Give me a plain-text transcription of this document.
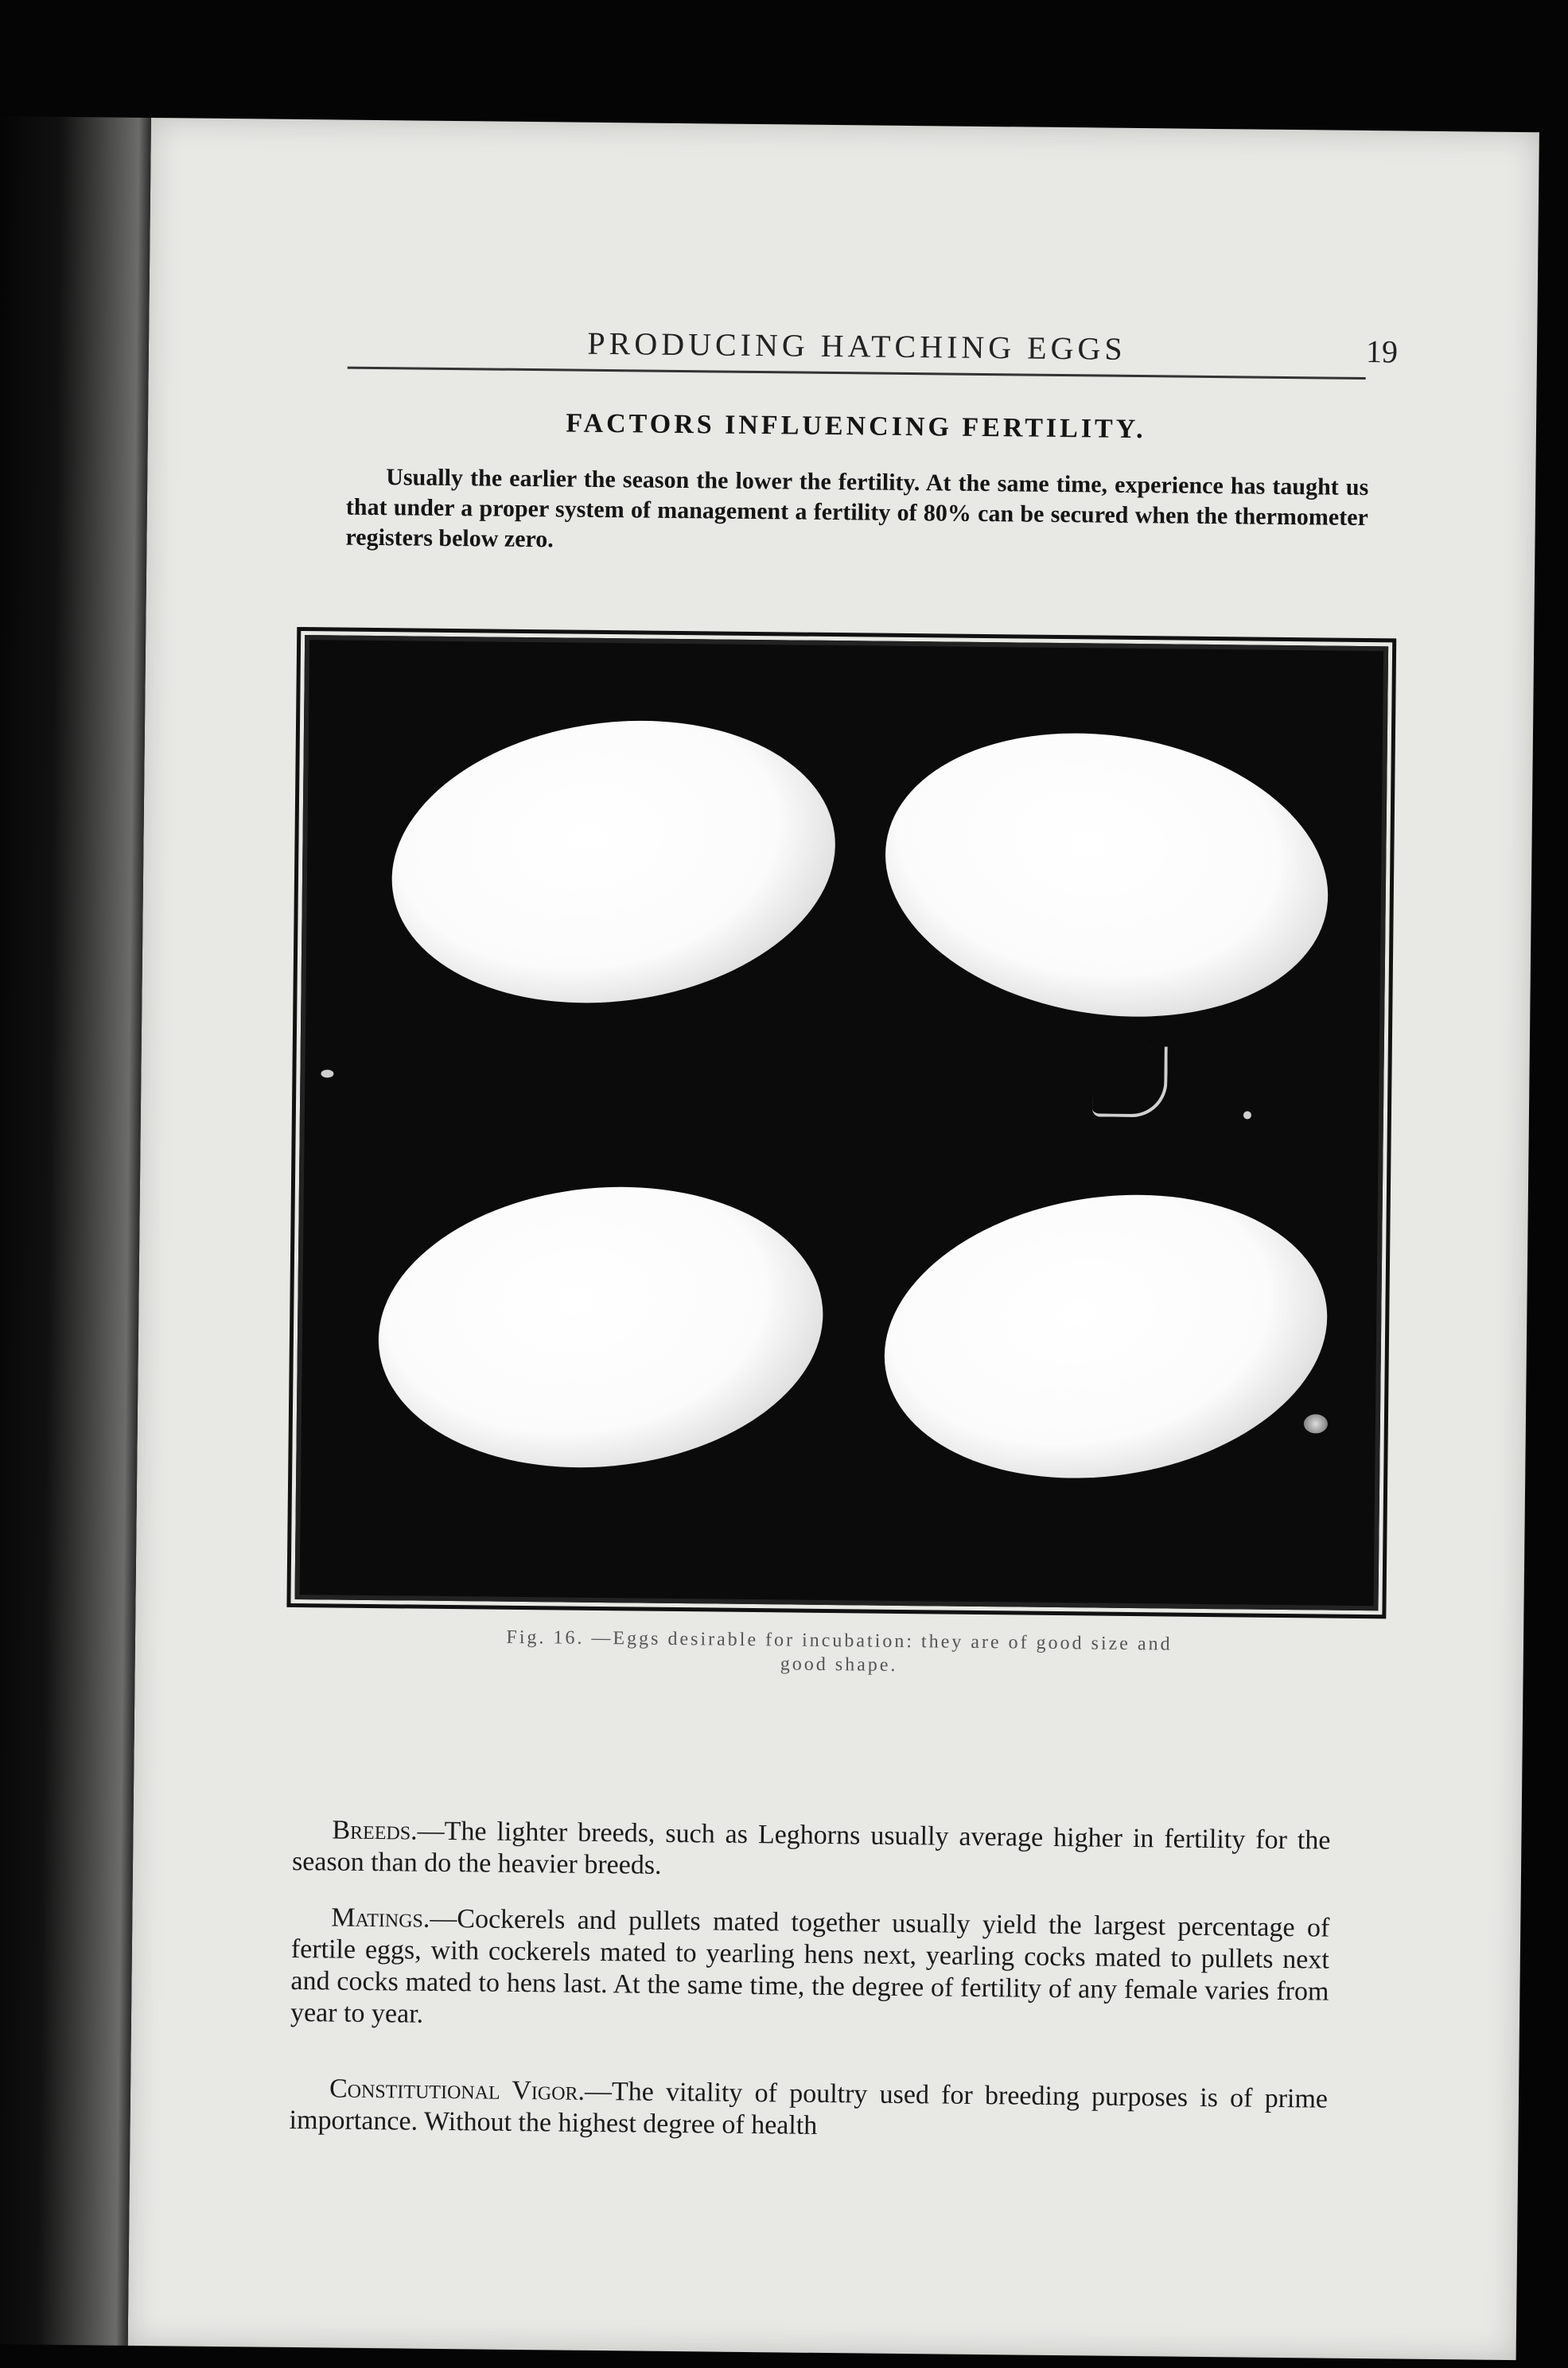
PRODUCING HATCHING EGGS	19
FACTORS INFLUENCING FERTILITY.
Usually the earlier the season the lower the fertility. At the same time, experience has taught us that under a proper system of management a fertility of 80% can be secured when the thermometer registers below zero.
Fig. 16. —Eggs desirable for incubation: they are of good size and
good shape.
Breeds.—The lighter breeds, such as Leghorns usually average higher in fertility for the season than do the heavier breeds.
Matings.—Cockerels and pullets mated together usually yield the largest percentage of fertile eggs, with cockerels mated to yearling hens next, yearling cocks mated to pullets next and cocks mated to hens last. At the same time, the degree of fertility of any female varies from year to year.
Constitutional Vigor.—The vitality of poultry used for breeding purposes is of prime importance. Without the highest degree of health
